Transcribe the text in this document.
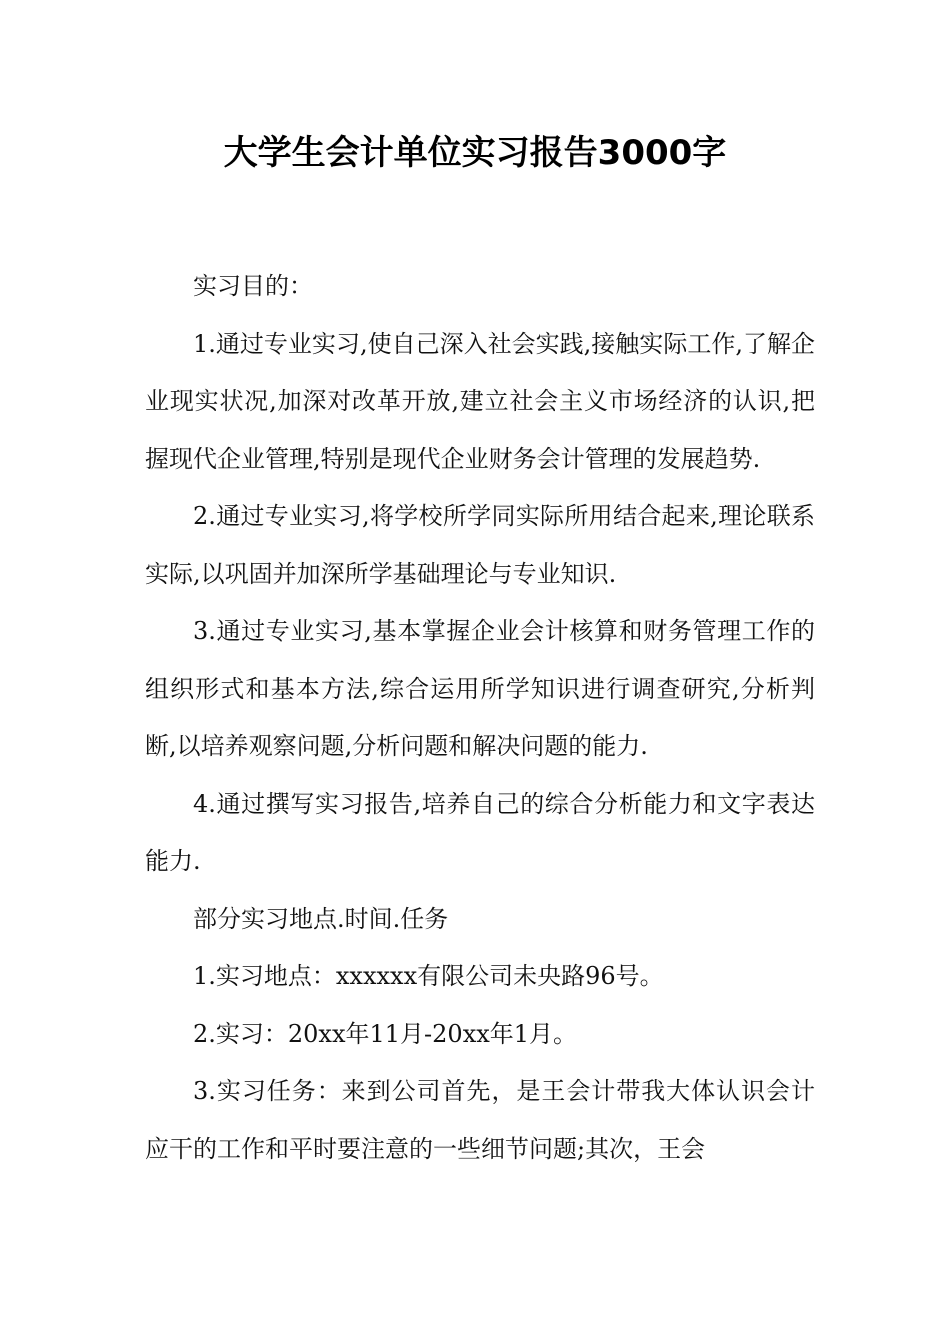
大学生会计单位实习报告3000字

实习目的：

1.通过专业实习,使自己深入社会实践,接触实际工作,了解企业现实状况,加深对改革开放,建立社会主义市场经济的认识,把握现代企业管理,特别是现代企业财务会计管理的发展趋势.

2.通过专业实习,将学校所学同实际所用结合起来,理论联系实际,以巩固并加深所学基础理论与专业知识.

3.通过专业实习,基本掌握企业会计核算和财务管理工作的组织形式和基本方法,综合运用所学知识进行调查研究,分析判断,以培养观察问题,分析问题和解决问题的能力.

4.通过撰写实习报告,培养自己的综合分析能力和文字表达能力.

部分实习地点.时间.任务

1.实习地点：xxxxxx有限公司未央路96号。

2.实习：20xx年11月-20xx年1月。

3.实习任务：来到公司首先，是王会计带我大体认识会计应干的工作和平时要注意的一些细节问题;其次，王会
